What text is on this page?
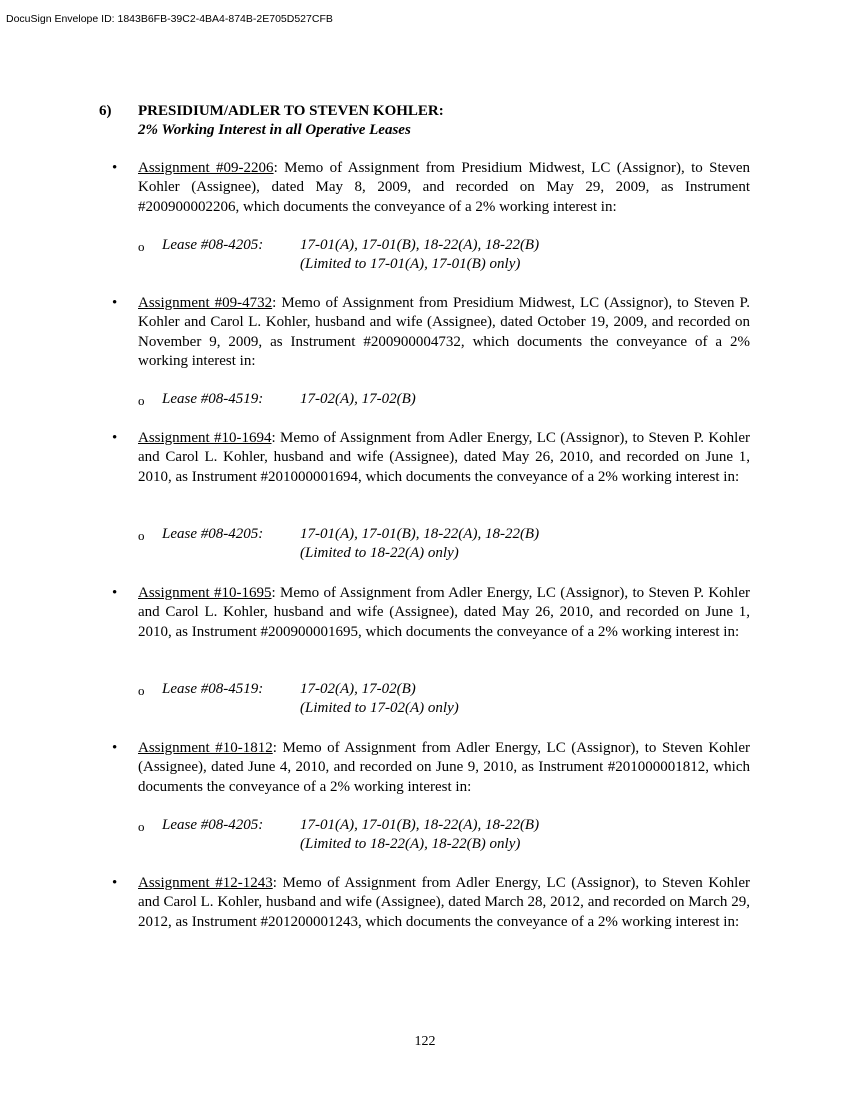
DocuSign Envelope ID: 1843B6FB-39C2-4BA4-874B-2E705D527CFB
6) PRESIDIUM/ADLER TO STEVEN KOHLER:
2% Working Interest in all Operative Leases
• Assignment #09-2206: Memo of Assignment from Presidium Midwest, LC (Assignor), to Steven Kohler (Assignee), dated May 8, 2009, and recorded on May 29, 2009, as Instrument #200900002206, which documents the conveyance of a 2% working interest in:

o Lease #08-4205: 17-01(A), 17-01(B), 18-22(A), 18-22(B)
(Limited to 17-01(A), 17-01(B) only)
• Assignment #09-4732: Memo of Assignment from Presidium Midwest, LC (Assignor), to Steven P. Kohler and Carol L. Kohler, husband and wife (Assignee), dated October 19, 2009, and recorded on November 9, 2009, as Instrument #200900004732, which documents the conveyance of a 2% working interest in:

o Lease #08-4519: 17-02(A), 17-02(B)
• Assignment #10-1694: Memo of Assignment from Adler Energy, LC (Assignor), to Steven P. Kohler and Carol L. Kohler, husband and wife (Assignee), dated May 26, 2010, and recorded on June 1, 2010, as Instrument #201000001694, which documents the conveyance of a 2% working interest in:

o Lease #08-4205: 17-01(A), 17-01(B), 18-22(A), 18-22(B)
(Limited to 18-22(A) only)
• Assignment #10-1695: Memo of Assignment from Adler Energy, LC (Assignor), to Steven P. Kohler and Carol L. Kohler, husband and wife (Assignee), dated May 26, 2010, and recorded on June 1, 2010, as Instrument #200900001695, which documents the conveyance of a 2% working interest in:

o Lease #08-4519: 17-02(A), 17-02(B)
(Limited to 17-02(A) only)
• Assignment #10-1812: Memo of Assignment from Adler Energy, LC (Assignor), to Steven Kohler (Assignee), dated June 4, 2010, and recorded on June 9, 2010, as Instrument #201000001812, which documents the conveyance of a 2% working interest in:

o Lease #08-4205: 17-01(A), 17-01(B), 18-22(A), 18-22(B)
(Limited to 18-22(A), 18-22(B) only)
• Assignment #12-1243: Memo of Assignment from Adler Energy, LC (Assignor), to Steven Kohler and Carol L. Kohler, husband and wife (Assignee), dated March 28, 2012, and recorded on March 29, 2012, as Instrument #201200001243, which documents the conveyance of a 2% working interest in:

122
